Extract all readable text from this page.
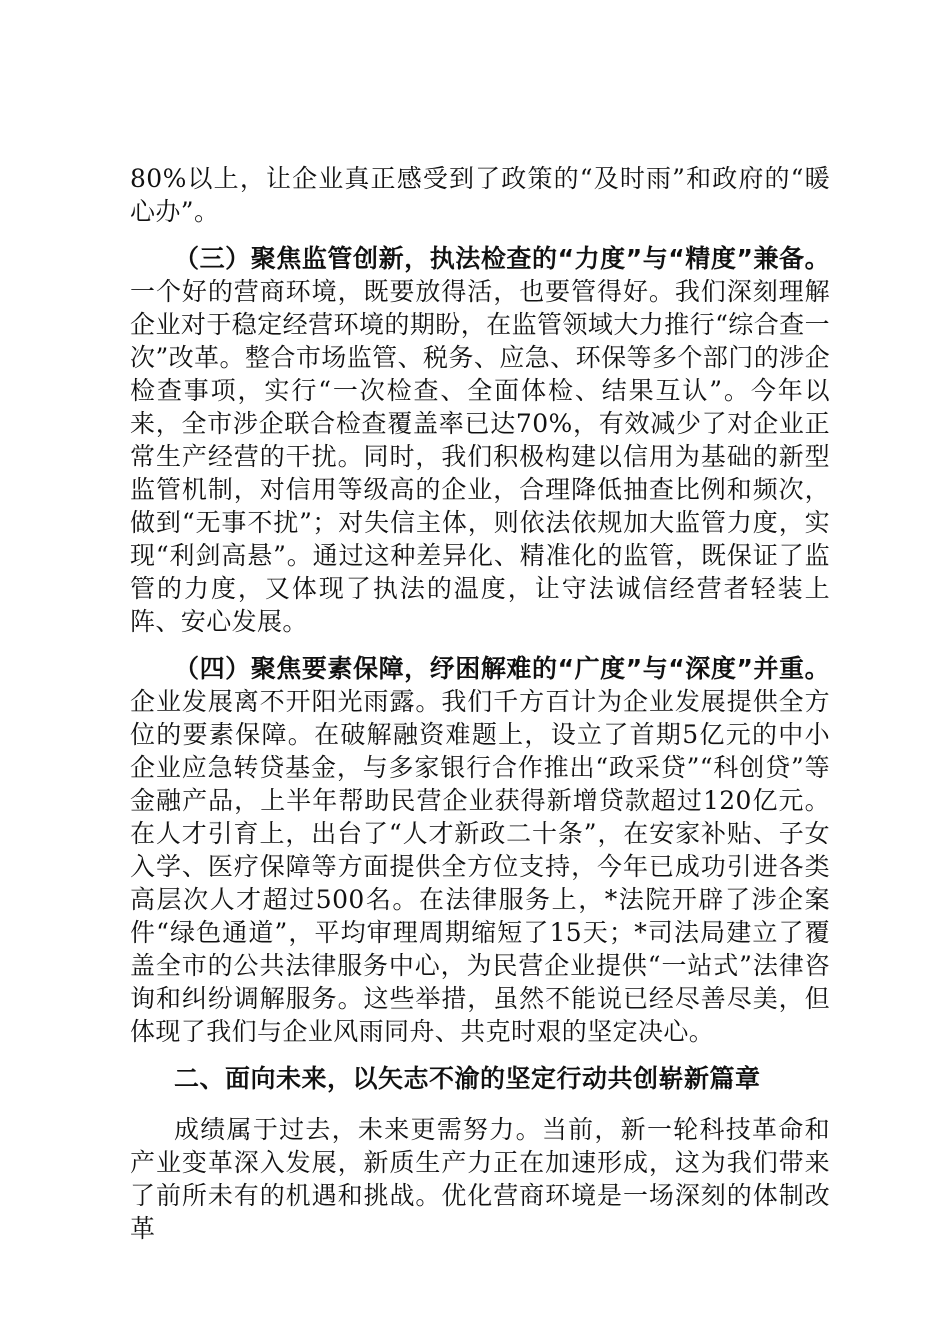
80%以上，让企业真正感受到了政策的“及时雨”和政府的“暖心办”。

（三）聚焦监管创新，执法检查的“力度”与“精度”兼备。一个好的营商环境，既要放得活，也要管得好。我们深刻理解企业对于稳定经营环境的期盼，在监管领域大力推行“综合查一次”改革。整合市场监管、税务、应急、环保等多个部门的涉企检查事项，实行“一次检查、全面体检、结果互认”。今年以来，全市涉企联合检查覆盖率已达70%，有效减少了对企业正常生产经营的干扰。同时，我们积极构建以信用为基础的新型监管机制，对信用等级高的企业，合理降低抽查比例和频次，做到“无事不扰”；对失信主体，则依法依规加大监管力度，实现“利剑高悬”。通过这种差异化、精准化的监管，既保证了监管的力度，又体现了执法的温度，让守法诚信经营者轻装上阵、安心发展。

（四）聚焦要素保障，纾困解难的“广度”与“深度”并重。企业发展离不开阳光雨露。我们千方百计为企业发展提供全方位的要素保障。在破解融资难题上，设立了首期5亿元的中小企业应急转贷基金，与多家银行合作推出“政采贷”“科创贷”等金融产品，上半年帮助民营企业获得新增贷款超过120亿元。在人才引育上，出台了“人才新政二十条”，在安家补贴、子女入学、医疗保障等方面提供全方位支持，今年已成功引进各类高层次人才超过500名。在法律服务上，*法院开辟了涉企案件“绿色通道”，平均审理周期缩短了15天；*司法局建立了覆盖全市的公共法律服务中心，为民营企业提供“一站式”法律咨询和纠纷调解服务。这些举措，虽然不能说已经尽善尽美，但体现了我们与企业风雨同舟、共克时艰的坚定决心。

二、面向未来，以矢志不渝的坚定行动共创崭新篇章

成绩属于过去，未来更需努力。当前，新一轮科技革命和产业变革深入发展，新质生产力正在加速形成，这为我们带来了前所未有的机遇和挑战。优化营商环境是一场深刻的体制改革
